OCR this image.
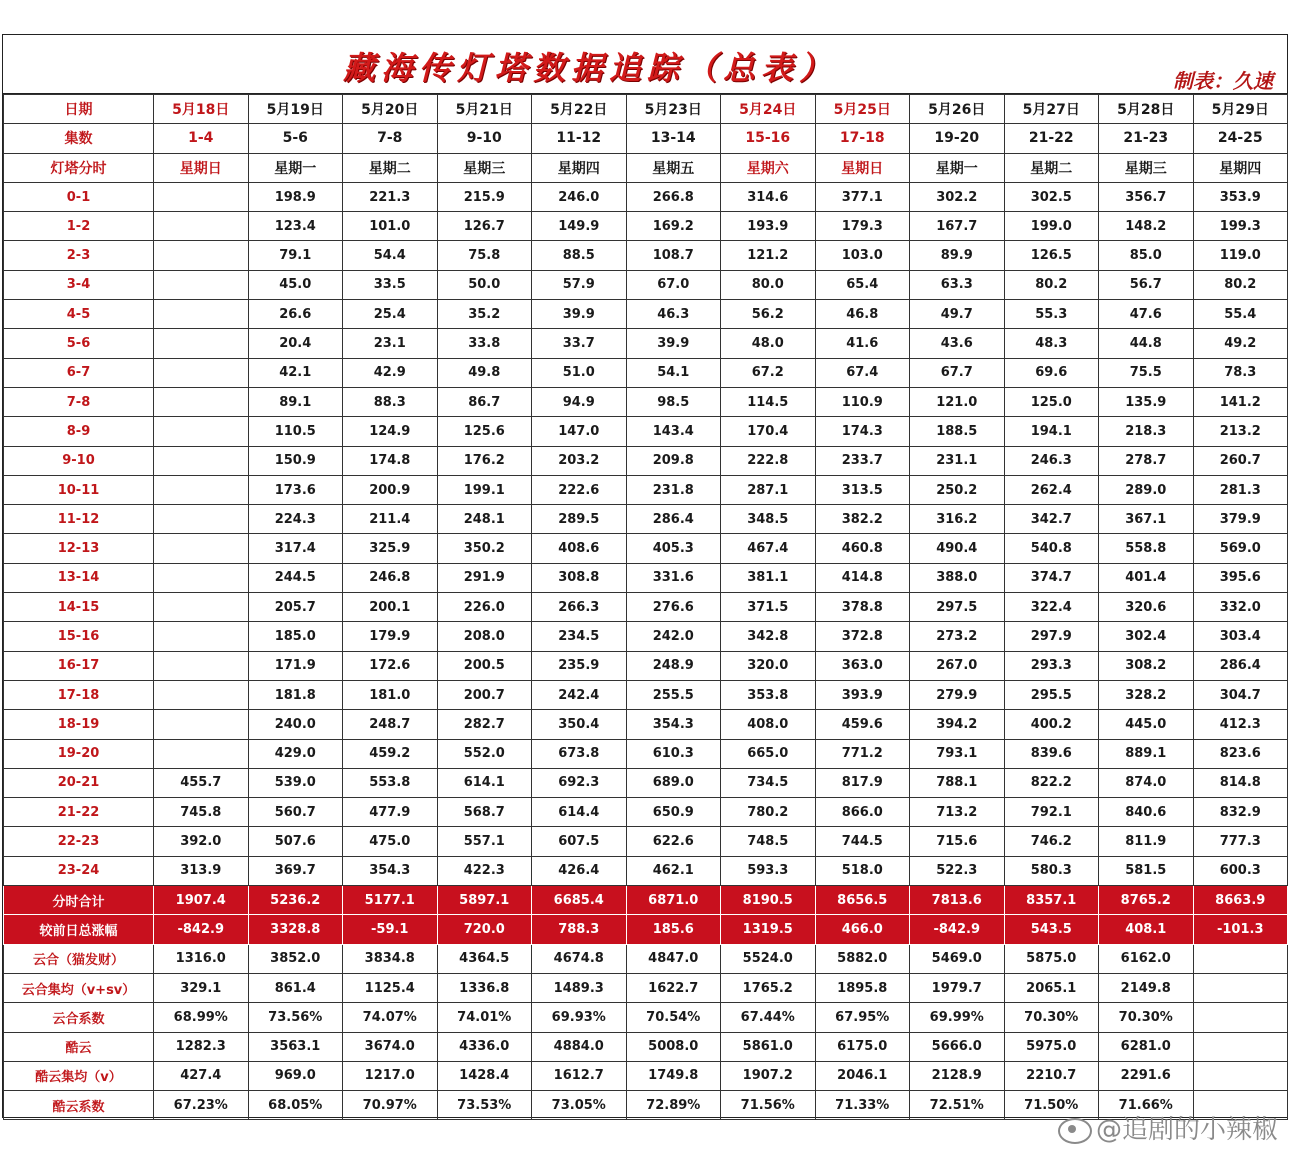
藏海传灯塔数据追踪（总表）	制表：久速
日期	5月18日	5月19日	5月20日	5月21日	5月22日	5月23日	5月24日	5月25日	5月26日	5月27日	5月28日	5月29日
集数	1-4	5-6	7-8	9-10	11-12	13-14	15-16	17-18	19-20	21-22	21-23	24-25
灯塔分时	星期日	星期一	星期二	星期三	星期四	星期五	星期六	星期日	星期一	星期二	星期三	星期四
0-1		198.9	221.3	215.9	246.0	266.8	314.6	377.1	302.2	302.5	356.7	353.9
1-2		123.4	101.0	126.7	149.9	169.2	193.9	179.3	167.7	199.0	148.2	199.3
2-3		79.1	54.4	75.8	88.5	108.7	121.2	103.0	89.9	126.5	85.0	119.0
3-4		45.0	33.5	50.0	57.9	67.0	80.0	65.4	63.3	80.2	56.7	80.2
4-5		26.6	25.4	35.2	39.9	46.3	56.2	46.8	49.7	55.3	47.6	55.4
5-6		20.4	23.1	33.8	33.7	39.9	48.0	41.6	43.6	48.3	44.8	49.2
6-7		42.1	42.9	49.8	51.0	54.1	67.2	67.4	67.7	69.6	75.5	78.3
7-8		89.1	88.3	86.7	94.9	98.5	114.5	110.9	121.0	125.0	135.9	141.2
8-9		110.5	124.9	125.6	147.0	143.4	170.4	174.3	188.5	194.1	218.3	213.2
9-10		150.9	174.8	176.2	203.2	209.8	222.8	233.7	231.1	246.3	278.7	260.7
10-11		173.6	200.9	199.1	222.6	231.8	287.1	313.5	250.2	262.4	289.0	281.3
11-12		224.3	211.4	248.1	289.5	286.4	348.5	382.2	316.2	342.7	367.1	379.9
12-13		317.4	325.9	350.2	408.6	405.3	467.4	460.8	490.4	540.8	558.8	569.0
13-14		244.5	246.8	291.9	308.8	331.6	381.1	414.8	388.0	374.7	401.4	395.6
14-15		205.7	200.1	226.0	266.3	276.6	371.5	378.8	297.5	322.4	320.6	332.0
15-16		185.0	179.9	208.0	234.5	242.0	342.8	372.8	273.2	297.9	302.4	303.4
16-17		171.9	172.6	200.5	235.9	248.9	320.0	363.0	267.0	293.3	308.2	286.4
17-18		181.8	181.0	200.7	242.4	255.5	353.8	393.9	279.9	295.5	328.2	304.7
18-19		240.0	248.7	282.7	350.4	354.3	408.0	459.6	394.2	400.2	445.0	412.3
19-20		429.0	459.2	552.0	673.8	610.3	665.0	771.2	793.1	839.6	889.1	823.6
20-21	455.7	539.0	553.8	614.1	692.3	689.0	734.5	817.9	788.1	822.2	874.0	814.8
21-22	745.8	560.7	477.9	568.7	614.4	650.9	780.2	866.0	713.2	792.1	840.6	832.9
22-23	392.0	507.6	475.0	557.1	607.5	622.6	748.5	744.5	715.6	746.2	811.9	777.3
23-24	313.9	369.7	354.3	422.3	426.4	462.1	593.3	518.0	522.3	580.3	581.5	600.3
分时合计	1907.4	5236.2	5177.1	5897.1	6685.4	6871.0	8190.5	8656.5	7813.6	8357.1	8765.2	8663.9
较前日总涨幅	-842.9	3328.8	-59.1	720.0	788.3	185.6	1319.5	466.0	-842.9	543.5	408.1	-101.3
云合（猫发财）	1316.0	3852.0	3834.8	4364.5	4674.8	4847.0	5524.0	5882.0	5469.0	5875.0	6162.0	
云合集均（v+sv）	329.1	861.4	1125.4	1336.8	1489.3	1622.7	1765.2	1895.8	1979.7	2065.1	2149.8	
云合系数	68.99%	73.56%	74.07%	74.01%	69.93%	70.54%	67.44%	67.95%	69.99%	70.30%	70.30%	
酷云	1282.3	3563.1	3674.0	4336.0	4884.0	5008.0	5861.0	6175.0	5666.0	5975.0	6281.0	
酷云集均（v）	427.4	969.0	1217.0	1428.4	1612.7	1749.8	1907.2	2046.1	2128.9	2210.7	2291.6	
酷云系数	67.23%	68.05%	70.97%	73.53%	73.05%	72.89%	71.56%	71.33%	72.51%	71.50%	71.66%	
@追剧的小辣椒
